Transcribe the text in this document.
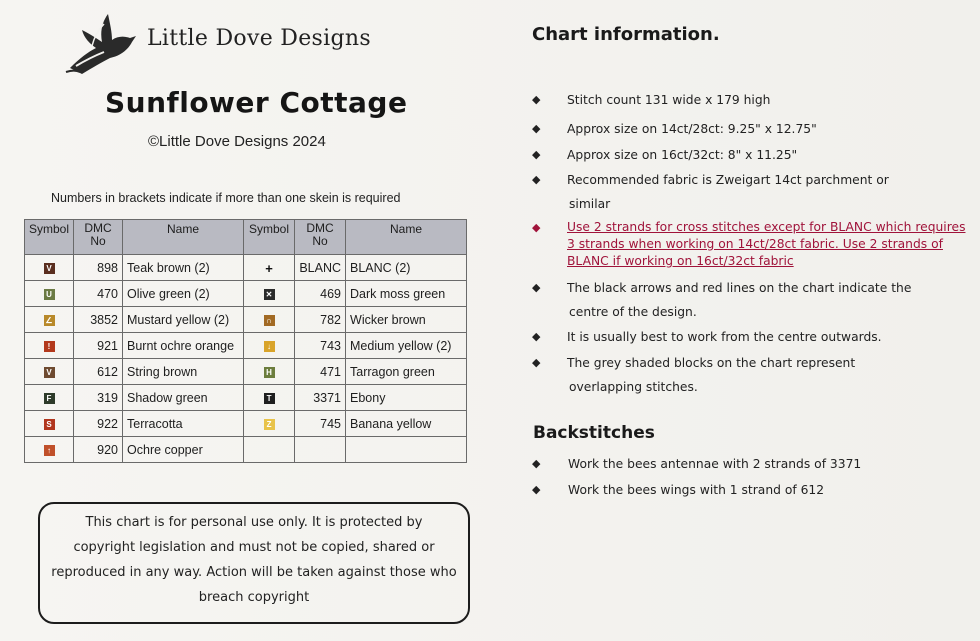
Little Dove Designs
Sunflower Cottage
©Little Dove Designs 2024
Numbers in brackets indicate if more than one skein is required
Symbol	DMC No	Name	Symbol	DMC No	Name
V	898	Teak brown (2)	+	BLANC	BLANC (2)
U	470	Olive green (2)	✕	469	Dark moss green
∠	3852	Mustard yellow (2)	∩	782	Wicker brown
!	921	Burnt ochre orange	↓	743	Medium yellow (2)
V	612	String brown	H	471	Tarragon green
F	319	Shadow green	T	3371	Ebony
S	922	Terracotta	Z	745	Banana yellow
↑	920	Ochre copper			
This chart is for personal use only. It is protected by
copyright legislation and must not be copied, shared or
reproduced in any way. Action will be taken against those who
breach copyright
Chart information.
◆ Stitch count 131 wide x 179 high
◆ Approx size on 14ct/28ct: 9.25" x 12.75"
◆ Approx size on 16ct/32ct: 8" x 11.25"
◆ Recommended fabric is Zweigart 14ct parchment or
similar
◆ Use 2 strands for cross stitches except for BLANC which requires
3 strands when working on 14ct/28ct fabric. Use 2 strands of
BLANC if working on 16ct/32ct fabric
◆ The black arrows and red lines on the chart indicate the
centre of the design.
◆ It is usually best to work from the centre outwards.
◆ The grey shaded blocks on the chart represent
overlapping stitches.
Backstitches
◆ Work the bees antennae with 2 strands of 3371
◆ Work the bees wings with 1 strand of 612
